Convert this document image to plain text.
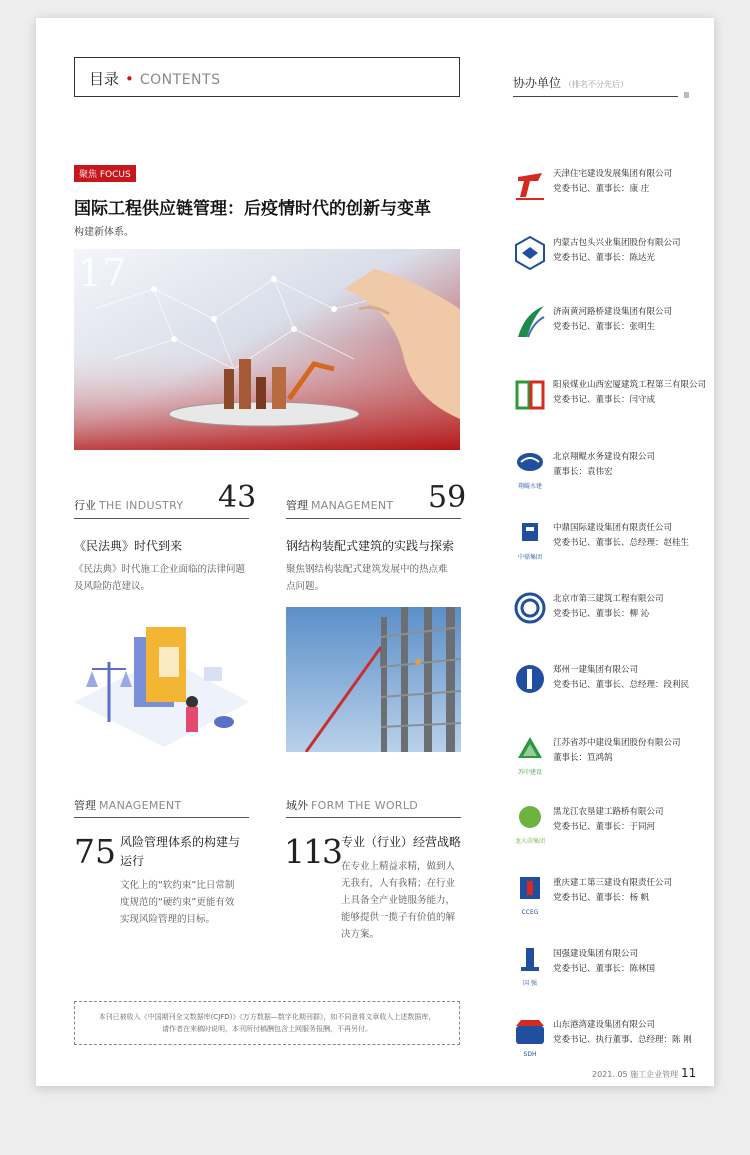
目录 • CONTENTS	协办单位 （排名不分先后）
聚焦 FOCUS
国际工程供应链管理：后疫情时代的创新与变革
构建新体系。
17
行业 THE INDUSTRY 43
《民法典》时代到来
《民法典》时代施工企业面临的法律问题
及风险防范建议。
管理 MANAGEMENT 59
钢结构装配式建筑的实践与探索
聚焦钢结构装配式建筑发展中的热点难
点问题。
管理 MANAGEMENT
75 风险管理体系的构建与
运行
文化上的“软约束”比日常制
度规范的“硬约束”更能有效
实现风险管理的目标。
域外 FORM THE WORLD
113 专业（行业）经营战略
在专业上精益求精，做到人
无我有，人有我精；在行业
上具备全产业链服务能力，
能够提供一揽子有价值的解
决方案。
本刊已被收入《中国期刊全文数据库(CJFD)》《万方数据—数字化期刊群》，如不同意将文章收入上述数据库，
请作者在来稿时说明，本刊所付稿酬包含上网服务报酬，不再另付。
天津住宅建设发展集团有限公司
党委书记、董事长：康 庄
内蒙古包头兴业集团股份有限公司
党委书记、董事长：陈达光
济南黄河路桥建设集团有限公司
党委书记、董事长：张明生
阳泉煤业山西宏厦建筑工程第三有限公司
党委书记、董事长：闫守成
翔鲲水建
北京翔鲲水务建设有限公司
董事长：袁伟宏
中鼎集团
中鼎国际建设集团有限责任公司
党委书记、董事长、总经理：赵桂生
北京市第三建筑工程有限公司
党委书记、董事长：柳 沁
郑州一建集团有限公司
党委书记、董事长、总经理：段利民
苏中建设
江苏省苏中建设集团股份有限公司
董事长：笪鸿鹄
龙大茵集团
黑龙江农垦建工路桥有限公司
党委书记、董事长：于同河
CCEG
重庆建工第三建设有限责任公司
党委书记、董事长：杨 帆
国 强
国强建设集团有限公司
党委书记、董事长：陈林国
SDH
山东港湾建设集团有限公司
党委书记、执行董事、总经理：陈 刚
2021. 05 施工企业管理 11
